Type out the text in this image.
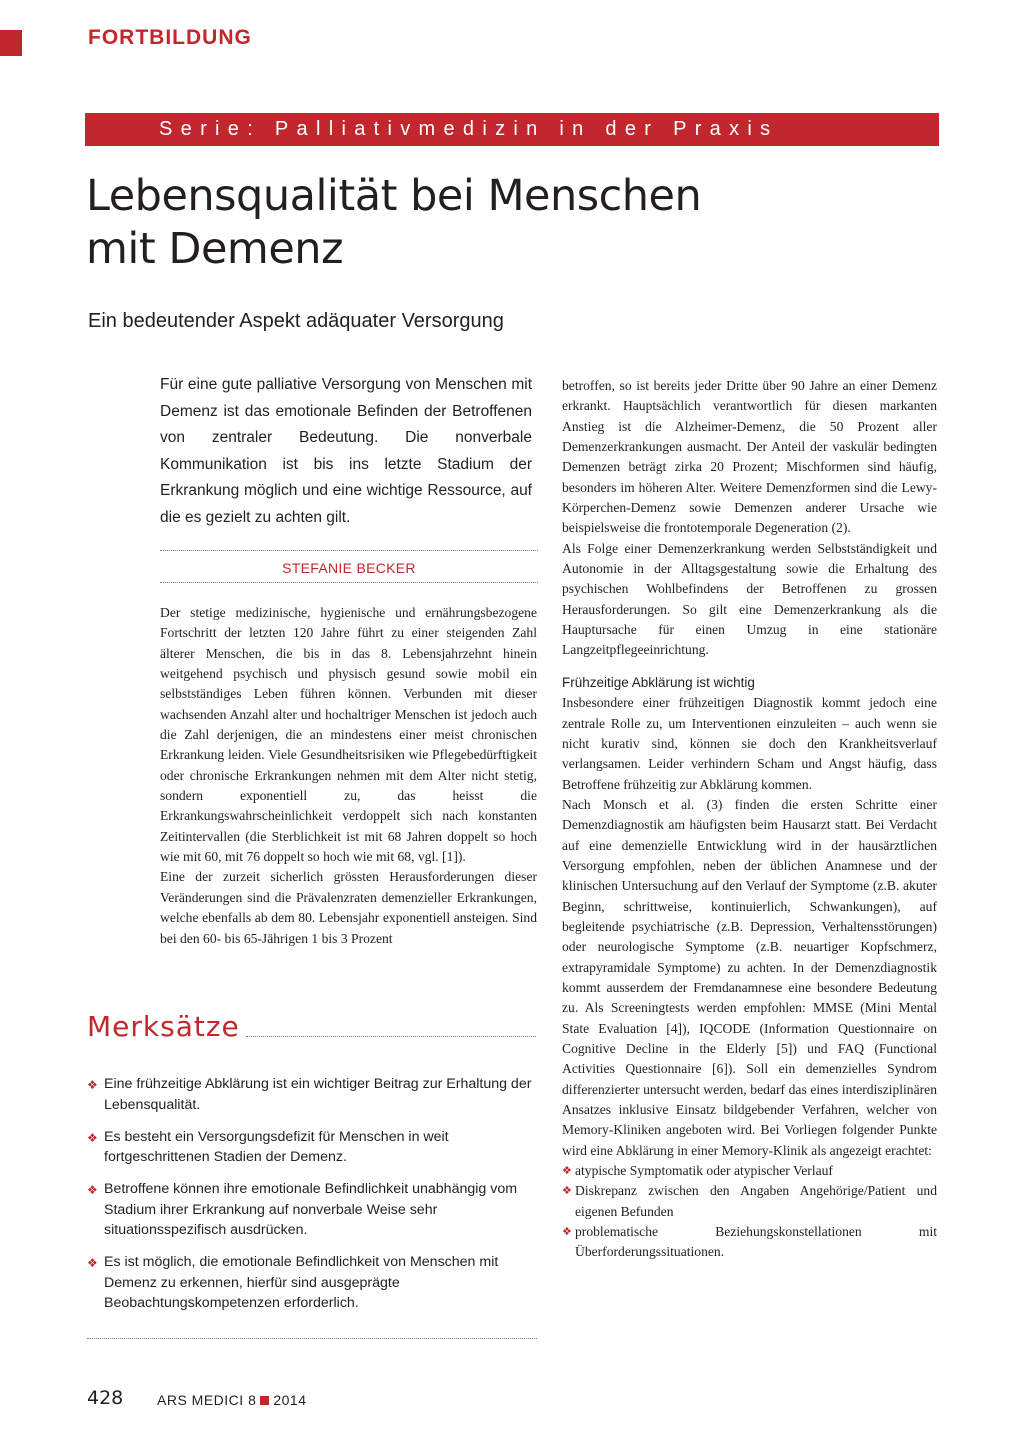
FORTBILDUNG
Serie: Palliativmedizin in der Praxis
Lebensqualität bei Menschen
mit Demenz
Ein bedeutender Aspekt adäquater Versorgung

Für eine gute palliative Versorgung von Menschen mit Demenz ist das emotionale Befinden der Betroffenen von zentraler Bedeutung. Die nonverbale Kommunikation ist bis ins letzte Stadium der Erkrankung möglich und eine wichtige Ressource, auf die es gezielt zu achten gilt.

STEFANIE BECKER

Der stetige medizinische, hygienische und ernährungsbezogene Fortschritt der letzten 120 Jahre führt zu einer steigenden Zahl älterer Menschen, die bis in das 8. Lebensjahrzehnt hinein weitgehend psychisch und physisch gesund sowie mobil ein selbstständiges Leben führen können. Verbunden mit dieser wachsenden Anzahl alter und hochaltriger Menschen ist jedoch auch die Zahl derjenigen, die an mindestens einer meist chronischen Erkrankung leiden. Viele Gesundheitsrisiken wie Pflegebedürftigkeit oder chronische Erkrankungen nehmen mit dem Alter nicht stetig, sondern exponentiell zu, das heisst die Erkrankungswahrscheinlichkeit verdoppelt sich nach konstanten Zeitintervallen (die Sterblichkeit ist mit 68 Jahren doppelt so hoch wie mit 60, mit 76 doppelt so hoch wie mit 68, vgl. [1]).

Eine der zurzeit sicherlich grössten Herausforderungen dieser Veränderungen sind die Prävalenzraten demenzieller Erkrankungen, welche ebenfalls ab dem 80. Lebensjahr exponentiell ansteigen. Sind bei den 60- bis 65-Jährigen 1 bis 3 Prozent

betroffen, so ist bereits jeder Dritte über 90 Jahre an einer Demenz erkrankt. Hauptsächlich verantwortlich für diesen markanten Anstieg ist die Alzheimer-Demenz, die 50 Prozent aller Demenzerkrankungen ausmacht. Der Anteil der vaskulär bedingten Demenzen beträgt zirka 20 Prozent; Mischformen sind häufig, besonders im höheren Alter. Weitere Demenzformen sind die Lewy-Körperchen-Demenz sowie Demenzen anderer Ursache wie beispielsweise die frontotemporale Degeneration (2).

Als Folge einer Demenzerkrankung werden Selbstständigkeit und Autonomie in der Alltagsgestaltung sowie die Erhaltung des psychischen Wohlbefindens der Betroffenen zu grossen Herausforderungen. So gilt eine Demenzerkrankung als die Hauptursache für einen Umzug in eine stationäre Langzeitpflegeeinrichtung.

Frühzeitige Abklärung ist wichtig

Insbesondere einer frühzeitigen Diagnostik kommt jedoch eine zentrale Rolle zu, um Interventionen einzuleiten – auch wenn sie nicht kurativ sind, können sie doch den Krankheitsverlauf verlangsamen. Leider verhindern Scham und Angst häufig, dass Betroffene frühzeitig zur Abklärung kommen.

Nach Monsch et al. (3) finden die ersten Schritte einer Demenzdiagnostik am häufigsten beim Hausarzt statt. Bei Verdacht auf eine demenzielle Entwicklung wird in der hausärztlichen Versorgung empfohlen, neben der üblichen Anamnese und der klinischen Untersuchung auf den Verlauf der Symptome (z.B. akuter Beginn, schrittweise, kontinuierlich, Schwankungen), auf begleitende psychiatrische (z.B. Depression, Verhaltensstörungen) oder neurologische Symptome (z.B. neuartiger Kopfschmerz, extrapyramidale Symptome) zu achten. In der Demenzdiagnostik kommt ausserdem der Fremdanamnese eine besondere Bedeutung zu. Als Screeningtests werden empfohlen: MMSE (Mini Mental State Evaluation [4]), IQCODE (Information Questionnaire on Cognitive Decline in the Elderly [5]) und FAQ (Functional Activities Questionnaire [6]). Soll ein demenzielles Syndrom differenzierter untersucht werden, bedarf das eines interdisziplinären Ansatzes inklusive Einsatz bildgebender Verfahren, welcher von Memory-Kliniken angeboten wird. Bei Vorliegen folgender Punkte wird eine Abklärung in einer Memory-Klinik als angezeigt erachtet:

❖ atypische Symptomatik oder atypischer Verlauf
❖ Diskrepanz zwischen den Angaben Angehörige/Patient und eigenen Befunden
❖ problematische Beziehungskonstellationen mit Überforderungssituationen.
Merksätze
❖ Eine frühzeitige Abklärung ist ein wichtiger Beitrag zur Erhaltung der Lebensqualität.
❖ Es besteht ein Versorgungsdefizit für Menschen in weit fortgeschrittenen Stadien der Demenz.
❖ Betroffene können ihre emotionale Befindlichkeit unabhängig vom Stadium ihrer Erkrankung auf nonverbale Weise sehr situationsspezifisch ausdrücken.
❖ Es ist möglich, die emotionale Befindlichkeit von Menschen mit Demenz zu erkennen, hierfür sind ausgeprägte Beobachtungskompetenzen erforderlich.
428 ARS MEDICI 8 2014
